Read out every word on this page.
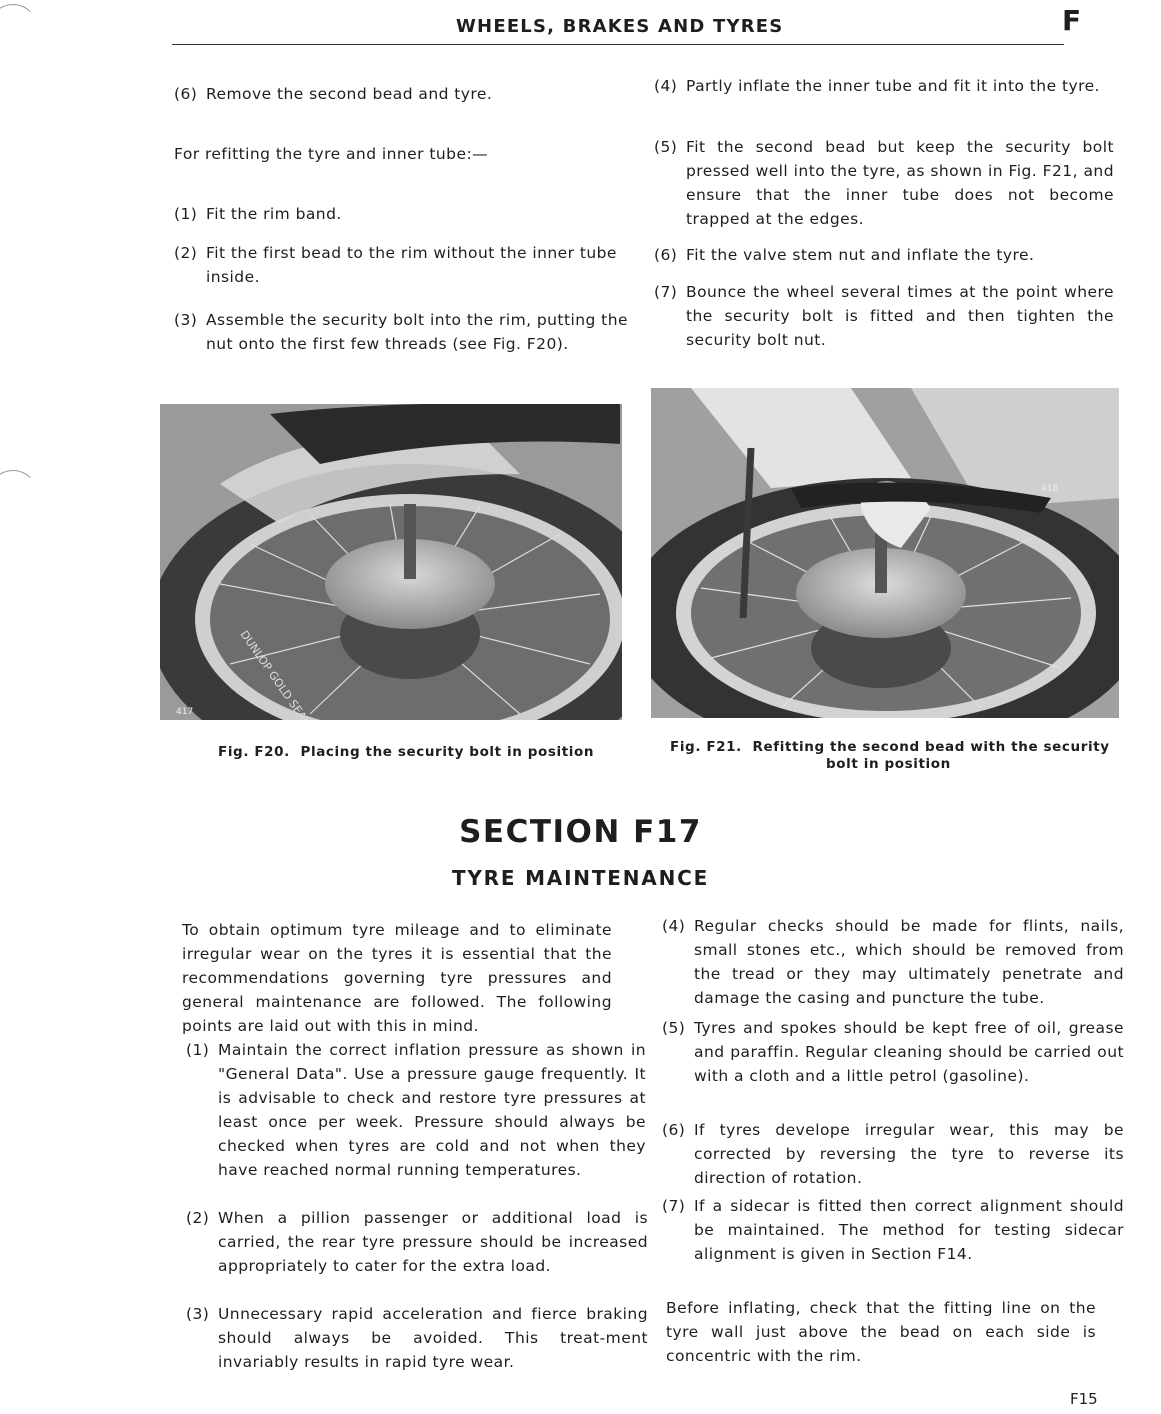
WHEELS, BRAKES AND TYRES	F
(6) Remove the second bead and tyre.
For refitting the tyre and inner tube:—
(1) Fit the rim band.
(2) Fit the first bead to the rim without the inner tube inside.
(3) Assemble the security bolt into the rim, putting the nut onto the first few threads (see Fig. F20).
(4) Partly inflate the inner tube and fit it into the tyre.
(5) Fit the second bead but keep the security bolt pressed well into the tyre, as shown in Fig. F21, and ensure that the inner tube does not become trapped at the edges.
(6) Fit the valve stem nut and inflate the tyre.
(7) Bounce the wheel several times at the point where the security bolt is fitted and then tighten the security bolt nut.
417
418
Fig. F20. Placing the security bolt in position	Fig. F21. Refitting the second bead with the security
bolt in position
SECTION F17
TYRE MAINTENANCE
To obtain optimum tyre mileage and to eliminate irregular wear on the tyres it is essential that the recommendations governing tyre pressures and general maintenance are followed. The following points are laid out with this in mind.
(1) Maintain the correct inflation pressure as shown in "General Data". Use a pressure gauge frequently. It is advisable to check and restore tyre pressures at least once per week. Pressure should always be checked when tyres are cold and not when they have reached normal running temperatures.
(2) When a pillion passenger or additional load is carried, the rear tyre pressure should be increased appropriately to cater for the extra load.
(3) Unnecessary rapid acceleration and fierce braking should always be avoided. This treat-ment invariably results in rapid tyre wear.
(4) Regular checks should be made for flints, nails, small stones etc., which should be removed from the tread or they may ultimately penetrate and damage the casing and puncture the tube.
(5) Tyres and spokes should be kept free of oil, grease and paraffin. Regular cleaning should be carried out with a cloth and a little petrol (gasoline).
(6) If tyres develope irregular wear, this may be corrected by reversing the tyre to reverse its direction of rotation.
(7) If a sidecar is fitted then correct alignment should be maintained. The method for testing sidecar alignment is given in Section F14.
Before inflating, check that the fitting line on the tyre wall just above the bead on each side is concentric with the rim.
F15
